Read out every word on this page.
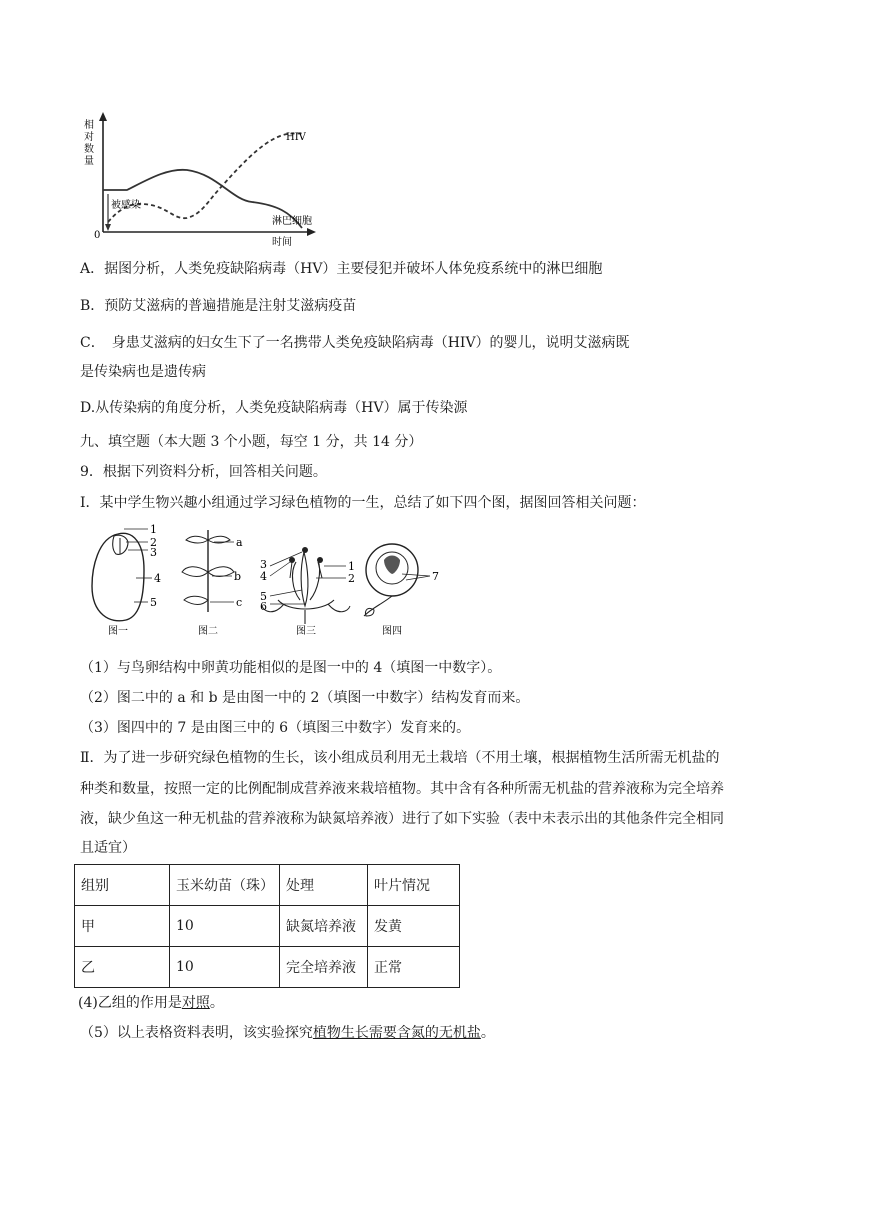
相
对
数
量
0
时间
HIV
被感染
淋巴细胞
A．据图分析，人类免疫缺陷病毒（HV）主要侵犯并破坏人体免疫系统中的淋巴细胞
B．预防艾滋病的普遍措施是注射艾滋病疫苗
C．　身患艾滋病的妇女生下了一名携带人类免疫缺陷病毒（HIV）的婴儿，说明艾滋病既
是传染病也是遗传病
D.从传染病的角度分析，人类免疫缺陷病毒（HV）属于传染源
九、填空题（本大题 3 个小题，每空 1 分，共 14 分）
9．根据下列资料分析，回答相关问题。
I．某中学生物兴趣小组通过学习绿色植物的一生，总结了如下四个图，据图回答相关问题：
1
2
3
4
5
图一
a
b
c
图二
3
4
5
6
1
2
图三
7
图四
（1）与鸟卵结构中卵黄功能相似的是图一中的 4（填图一中数字）。
（2）图二中的 a 和 b 是由图一中的 2（填图一中数字）结构发育而来。
（3）图四中的 7 是由图三中的 6（填图三中数字）发育来的。
Ⅱ．为了进一步研究绿色植物的生长，该小组成员利用无土栽培（不用土壤，根据植物生活所需无机盐的
种类和数量，按照一定的比例配制成营养液来栽培植物。其中含有各种所需无机盐的营养液称为完全培养
液，缺少鱼这一种无机盐的营养液称为缺氮培养液）进行了如下实验（表中未表示出的其他条件完全相同
且适宜）
组别	玉米幼苗（珠）	处理	叶片情况
甲	10	缺氮培养液	发黄
乙	10	完全培养液	正常
(4)乙组的作用是对照。
（5）以上表格资料表明，该实验探究植物生长需要含氮的无机盐。
